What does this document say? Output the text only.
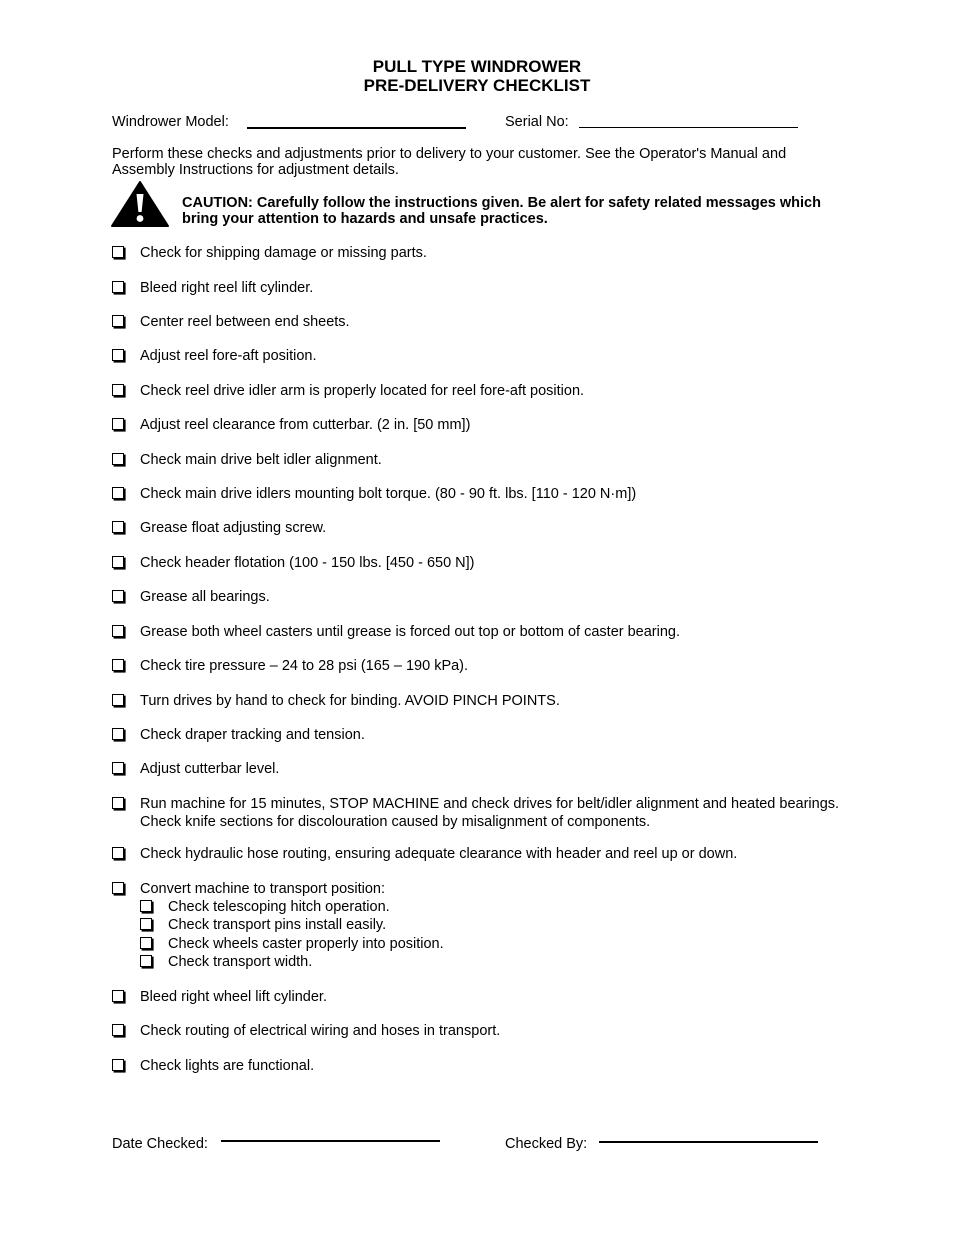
PULL TYPE WINDROWER
PRE-DELIVERY CHECKLIST
Windrower Model:	Serial No:
Perform these checks and adjustments prior to delivery to your customer. See the Operator's Manual and Assembly Instructions for adjustment details.
CAUTION: Carefully follow the instructions given. Be alert for safety related messages which bring your attention to hazards and unsafe practices.
Check for shipping damage or missing parts.
Bleed right reel lift cylinder.
Center reel between end sheets.
Adjust reel fore-aft position.
Check reel drive idler arm is properly located for reel fore-aft position.
Adjust reel clearance from cutterbar. (2 in. [50 mm])
Check main drive belt idler alignment.
Check main drive idlers mounting bolt torque. (80 - 90 ft. lbs. [110 - 120 N·m])
Grease float adjusting screw.
Check header flotation (100 - 150 lbs. [450 - 650 N])
Grease all bearings.
Grease both wheel casters until grease is forced out top or bottom of caster bearing.
Check tire pressure – 24 to 28 psi (165 – 190 kPa).
Turn drives by hand to check for binding. AVOID PINCH POINTS.
Check draper tracking and tension.
Adjust cutterbar level.
Run machine for 15 minutes, STOP MACHINE and check drives for belt/idler alignment and heated bearings. Check knife sections for discolouration caused by misalignment of components.
Check hydraulic hose routing, ensuring adequate clearance with header and reel up or down.
Convert machine to transport position:
Bleed right wheel lift cylinder.
Check routing of electrical wiring and hoses in transport.
Check lights are functional.
Check telescoping hitch operation.
Check transport pins install easily.
Check wheels caster properly into position.
Check transport width.
Date Checked:	Checked By:
